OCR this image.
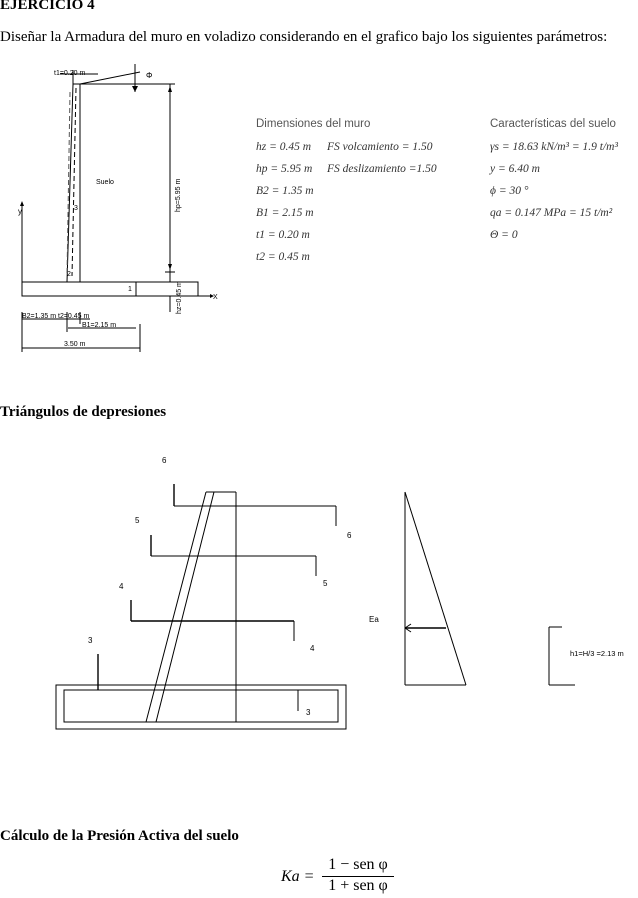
EJERCICIO 4
Diseñar la Armadura del muro en voladizo considerando en el grafico bajo los siguientes parámetros:
t1=0.20 m	Φ
Suelo	hp=5.95 m
hz=0.45 m
y
X
1
2
3
B2=1.35 m t2=0.45 m
B1=2.15 m
3.50 m
Dimensiones del muro
hz = 0.45 m
hp = 5.95 m
B2 = 1.35 m
B1 = 2.15 m
t1 = 0.20 m
t2 = 0.45 m
FS volcamiento = 1.50
FS deslizamiento =1.50
Características del suelo
γs = 18.63 kN/m³ = 1.9 t/m³
y = 6.40 m
ϕ = 30 °
qa = 0.147 MPa = 15 t/m²
Θ = 0
Triángulos de depresiones
6
6
5
5
4
4
3
3
Ea
h1=H/3 =2.13 m
Cálculo de la Presión Activa del suelo
Ka =
1 − sen φ
1 + sen φ
